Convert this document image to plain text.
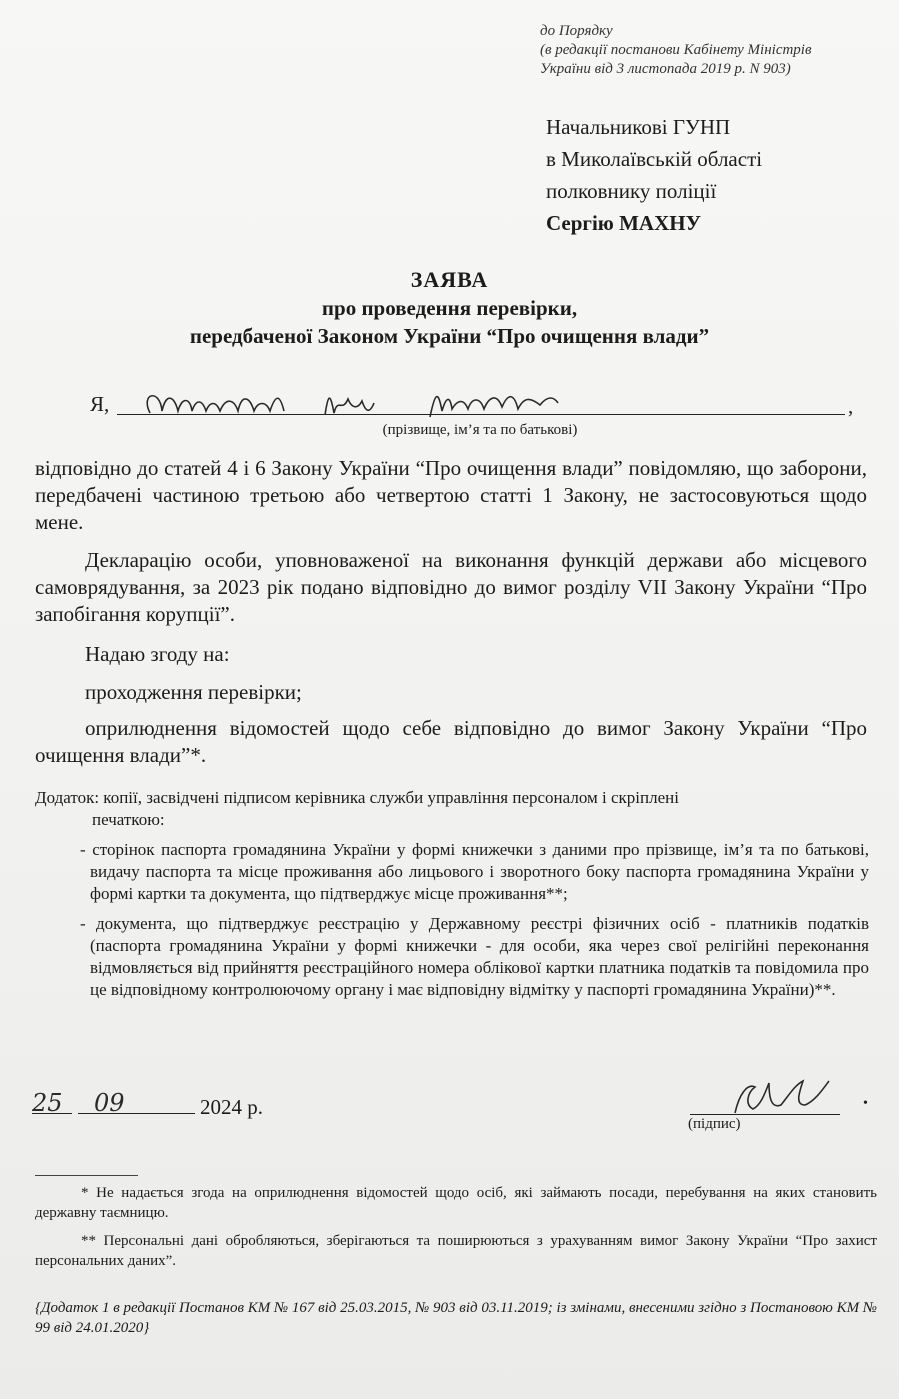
до Порядку
(в редакції постанови Кабінету Міністрів
України від 3 листопада 2019 р. N 903)
Начальникові ГУНП
в Миколаївській області
полковнику поліції
Сергію МАХНУ
ЗАЯВА
про проведення перевірки,
передбаченої Законом України “Про очищення влади”
Я,	,
(прізвище, ім’я та по батькові)
відповідно до статей 4 і 6 Закону України “Про очищення влади” повідомляю, що заборони, передбачені частиною третьою або четвертою статті 1 Закону, не застосовуються щодо мене.
Декларацію особи, уповноваженої на виконання функцій держави або місцевого самоврядування, за 2023 рік подано відповідно до вимог розділу VII Закону України “Про запобігання корупції”.
Надаю згоду на:
проходження перевірки;
оприлюднення відомостей щодо себе відповідно до вимог Закону України “Про очищення влади”*.
Додаток: копії, засвідчені підписом керівника служби управління персоналом і скріплені
печаткою:
- сторінок паспорта громадянина України у формі книжечки з даними про прізвище, ім’я та по батькові, видачу паспорта та місце проживання або лицьового і зворотного боку паспорта громадянина України у формі картки та документа, що підтверджує місце проживання**;
- документа, що підтверджує реєстрацію у Державному реєстрі фізичних осіб - платників податків (паспорта громадянина України у формі книжечки - для особи, яка через свої релігійні переконання відмовляється від прийняття реєстраційного номера облікової картки платника податків та повідомила про це відповідному контролюючому органу і має відповідну відмітку у паспорті громадянина України)**.
25 09	2024 р.
(підпис)
•
* Не надається згода на оприлюднення відомостей щодо осіб, які займають посади, перебування на яких становить державну таємницю.
** Персональні дані обробляються, зберігаються та поширюються з урахуванням вимог Закону України “Про захист персональних даних”.
{Додаток 1 в редакції Постанов КМ № 167 від 25.03.2015, № 903 від 03.11.2019; із змінами, внесеними згідно з Постановою КМ № 99 від 24.01.2020}
